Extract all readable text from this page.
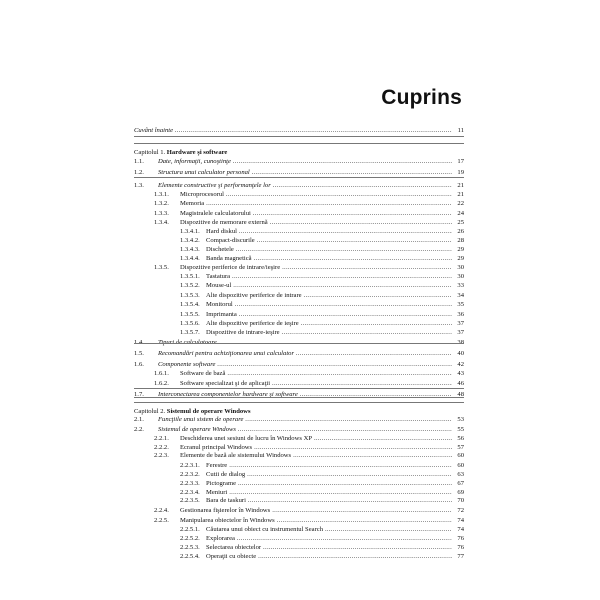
Cuprins
Cuvânt înainte .....	11
Capitolul 1. Hardware şi software
1.1. Date, informaţii, cunoştinţe .....	17
1.2. Structura unui calculator personal .....	19
1.3. Elemente constructive şi performanţele lor .....	21
1.3.1. Microprocesorul .....	21
1.3.2. Memoria .....	22
1.3.3. Magistralele calculatorului .....	24
1.3.4. Dispozitive de memorare externă .....	25
1.3.4.1. Hard diskul .....	26
1.3.4.2. Compact-discurile .....	28
1.3.4.3. Dischetele .....	29
1.3.4.4. Banda magnetică .....	29
1.3.5. Dispozitive periferice de intrare/ieşire .....	30
1.3.5.1. Tastatura .....	30
1.3.5.2. Mouse-ul .....	33
1.3.5.3. Alte dispozitive periferice de intrare .....	34
1.3.5.4. Monitorul .....	35
1.3.5.5. Imprimanta .....	36
1.3.5.6. Alte dispozitive periferice de ieşire .....	37
1.3.5.7. Dispozitive de intrare-ieşire .....	37
1.4. Tipuri de calculatoare .....	38
1.5. Recomandări pentru achiziţionarea unui calculator .....	40
1.6. Componente software .....	42
1.6.1. Software de bază .....	43
1.6.2. Software specializat şi de aplicaţii .....	46
1.7. Interconectarea componentelor hardware şi software .....	48
Capitolul 2. Sistemul de operare Windows
2.1. Funcţiile unui sistem de operare .....	53
2.2. Sistemul de operare Windows .....	55
2.2.1. Deschiderea unei sesiuni de lucru în Windows XP .....	56
2.2.2. Ecranul principal Windows .....	57
2.2.3. Elemente de bază ale sistemului Windows .....	60
2.2.3.1. Ferestre .....	60
2.2.3.2. Cutii de dialog .....	63
2.2.3.3. Pictograme .....	67
2.2.3.4. Meniuri .....	69
2.2.3.5. Bara de taskuri .....	70
2.2.4. Gestionarea fişierelor în Windows .....	72
2.2.5. Manipularea obiectelor în Windows .....	74
2.2.5.1. Căutarea unui obiect cu instrumentul Search .....	74
2.2.5.2. Explorarea .....	76
2.2.5.3. Selectarea obiectelor .....	76
2.2.5.4. Operaţii cu obiecte .....	77
